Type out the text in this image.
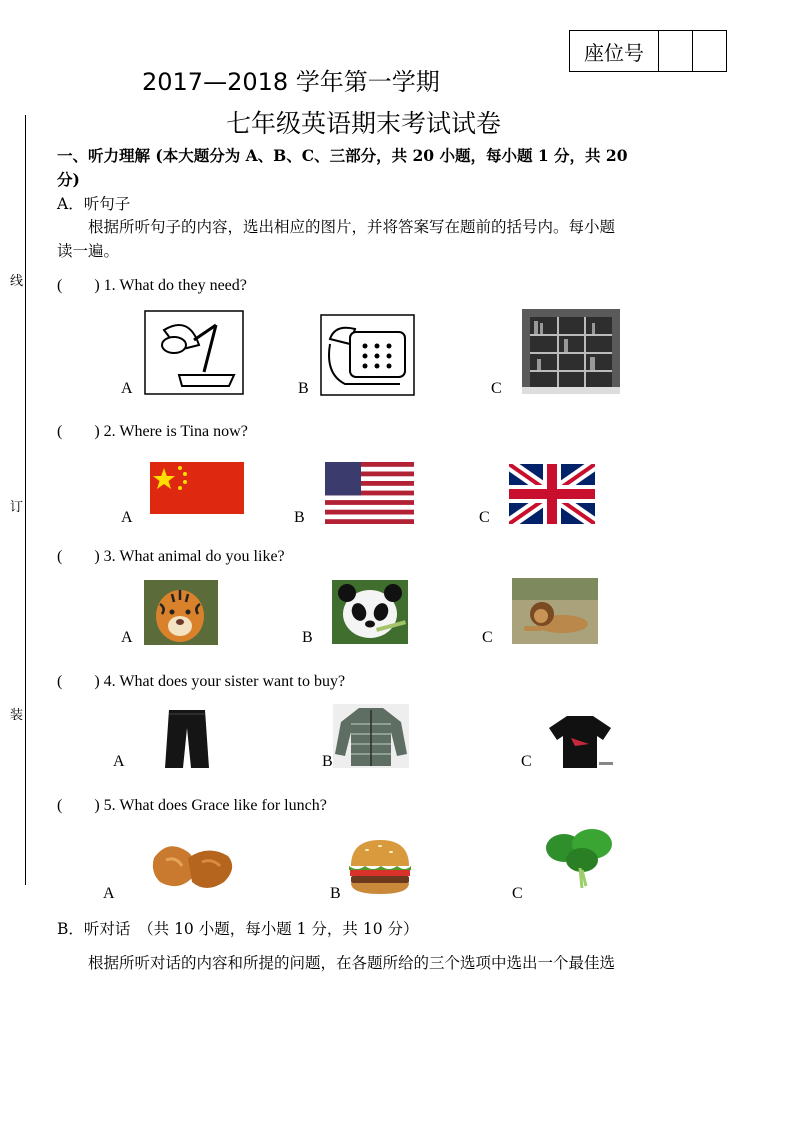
座位号
线
订
装
2017—2018 学年第一学期
七年级英语期末考试试卷
一、听力理解 (本大题分为 A、B、C、三部分，共 20 小题，每小题 1 分，共 20
分)
A．听句子
根据所听句子的内容，选出相应的图片，并将答案写在题前的括号内。每小题
读一遍。
(　　) 1. What do they need?
A	B	C
(　　) 2. Where is Tina now?
A	B	C
(　　) 3. What animal do you like?
A	B	C
(　　) 4. What does your sister want to buy?
A	B	C
(　　) 5. What does Grace like for lunch?
A	B	C
B．听对话　（共 10 小题，每小题 1 分，共 10 分）
根据所听对话的内容和所提的问题，在各题所给的三个选项中选出一个最佳选
